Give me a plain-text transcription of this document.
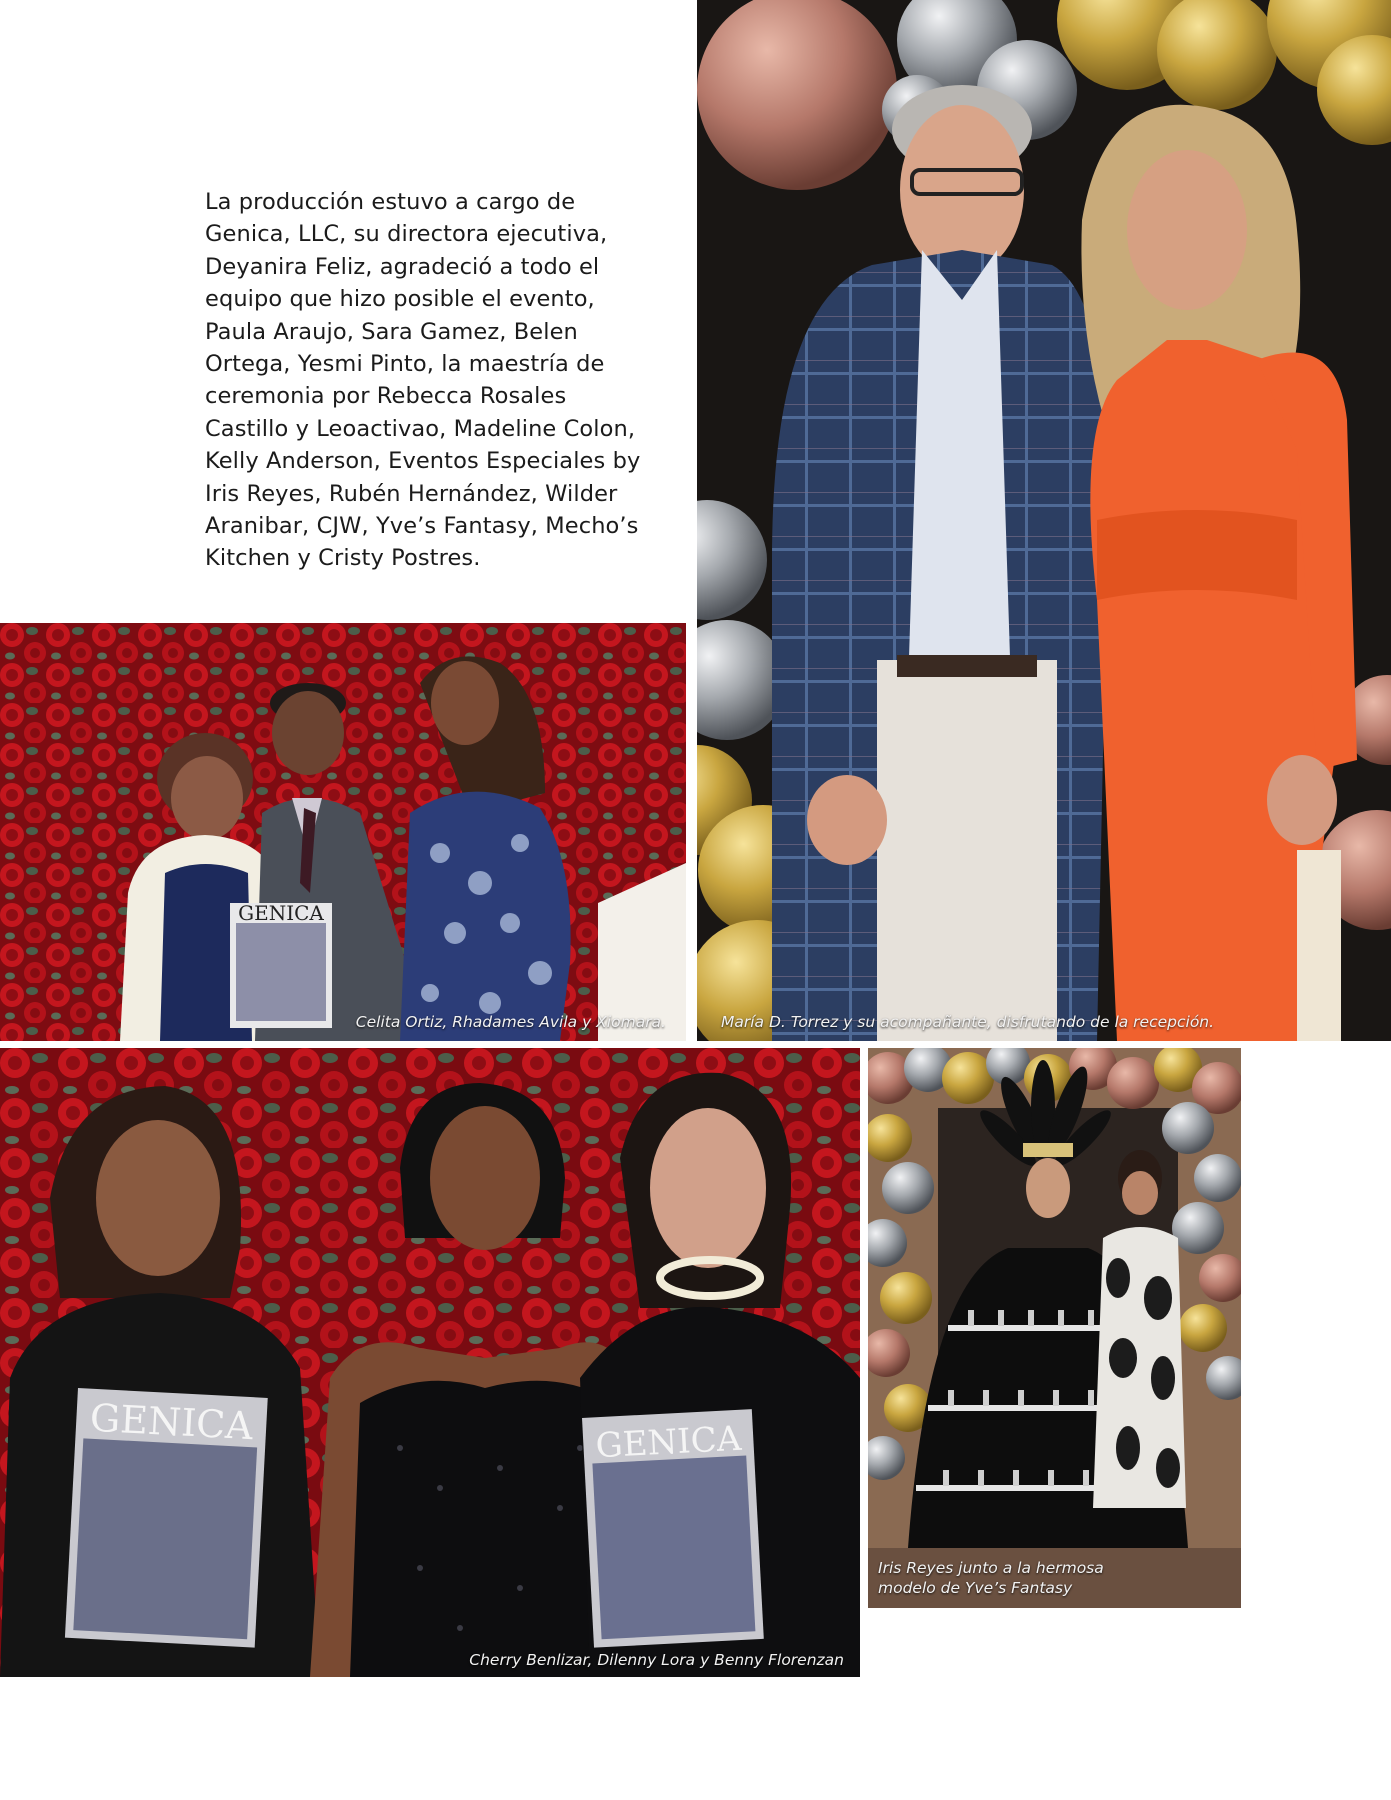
La producción estuvo a cargo de
Genica, LLC, su directora ejecutiva,
Deyanira Feliz, agradeció a todo el
equipo que hizo posible el evento,
Paula Araujo, Sara Gamez, Belen
Ortega, Yesmi Pinto, la maestría de
ceremonia por Rebecca Rosales
Castillo y Leoactivao, Madeline Colon,
Kelly Anderson, Eventos Especiales by
Iris Reyes, Rubén Hernández, Wilder
Aranibar, CJW, Yve’s Fantasy, Mecho’s
Kitchen y Cristy Postres.
GENICA
Celita Ortiz, Rhadames Avila y Xiomara.	María D. Torrez y su acompañante, disfrutando de la recepción.
GENICA	GENICA
Cherry Benlizar, Dilenny Lora y Benny Florenzan
Iris Reyes junto a la hermosa
modelo de Yve’s Fantasy
